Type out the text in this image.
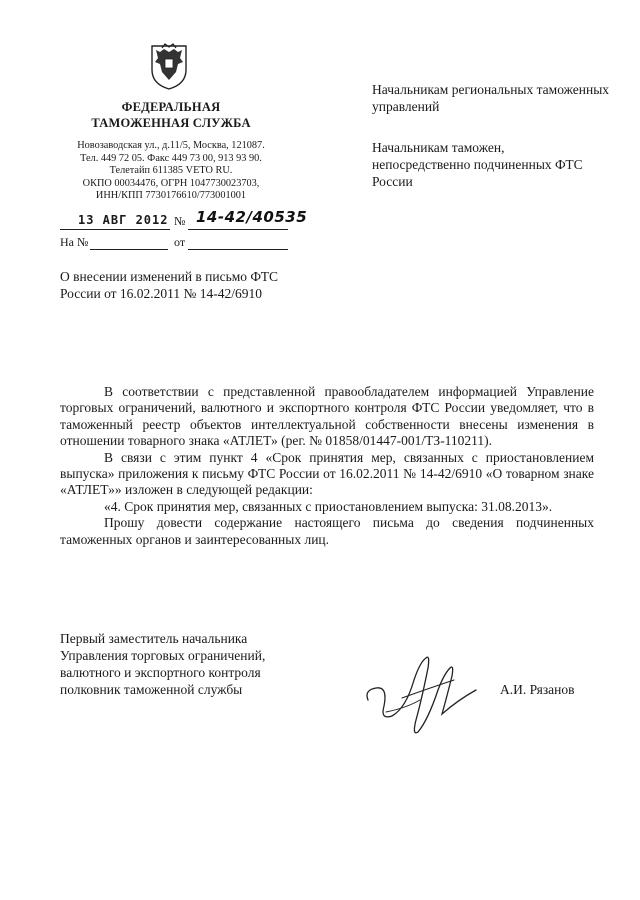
ФЕДЕРАЛЬНАЯ
ТАМОЖЕННАЯ СЛУЖБА
Новозаводская ул., д.11/5, Москва, 121087.
Тел. 449 72 05. Факс 449 73 00, 913 93 90.
Телетайп 611385 VETO RU.
ОКПО 00034476, ОГРН 1047730023703,
ИНН/КПП 7730176610/773001001
13 АВГ 2012 № 14-42/40535
На №	от
Начальникам региональных таможенных управлений
Начальникам таможен, непосредственно подчиненных ФТС России
О внесении изменений в письмо ФТС России от 16.02.2011 № 14-42/6910

В соответствии с представленной правообладателем информацией Управление торговых ограничений, валютного и экспортного контроля ФТС России уведомляет, что в таможенный реестр объектов интеллектуальной собственности внесены изменения в отношении товарного знака «АТЛЕТ» (рег. № 01858/01447-001/ТЗ-110211).

В связи с этим пункт 4 «Срок принятия мер, связанных с приостановлением выпуска» приложения к письму ФТС России от 16.02.2011 № 14-42/6910 «О товарном знаке «АТЛЕТ»» изложен в следующей редакции:

«4. Срок принятия мер, связанных с приостановлением выпуска: 31.08.2013».

Прошу довести содержание настоящего письма до сведения подчиненных таможенных органов и заинтересованных лиц.

Первый заместитель начальника
Управления торговых ограничений,
валютного и экспортного контроля
полковник таможенной службы	А.И. Рязанов
